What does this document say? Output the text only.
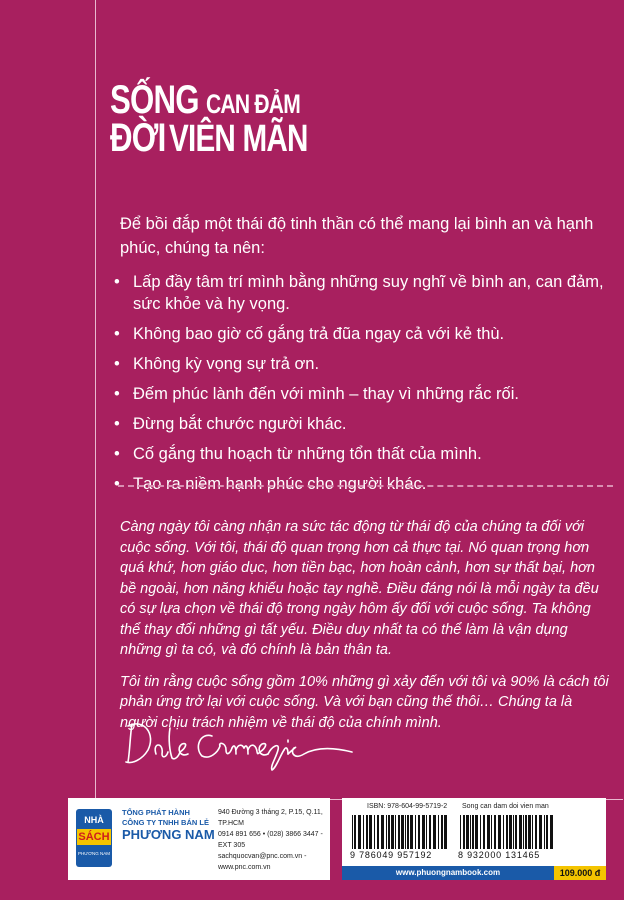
SỐNG CAN ĐẢM
ĐỜIVIÊN MÃN
Để bồi đắp một thái độ tinh thần có thể mang lại bình an và hạnh phúc, chúng ta nên:
• Lấp đầy tâm trí mình bằng những suy nghĩ về bình an, can đảm, sức khỏe và hy vọng.
• Không bao giờ cố gắng trả đũa ngay cả với kẻ thù.
• Không kỳ vọng sự trả ơn.
• Đếm phúc lành đến với mình – thay vì những rắc rối.
• Đừng bắt chước người khác.
• Cố gắng thu hoạch từ những tổn thất của mình.
• Tạo ra niềm hạnh phúc cho người khác.

Càng ngày tôi càng nhận ra sức tác động từ thái độ của chúng ta đối với cuộc sống. Với tôi, thái độ quan trọng hơn cả thực tại. Nó quan trọng hơn quá khứ, hơn giáo dục, hơn tiền bạc, hơn hoàn cảnh, hơn sự thất bại, hơn bề ngoài, hơn năng khiếu hoặc tay nghề. Điều đáng nói là mỗi ngày ta đều có sự lựa chọn về thái độ trong ngày hôm ấy đối với cuộc sống. Ta không thể thay đổi những gì tất yếu. Điều duy nhất ta có thể làm là vận dụng những gì ta có, và đó chính là bản thân ta.

Tôi tin rằng cuộc sống gồm 10% những gì xảy đến với tôi và 90% là cách tôi phản ứng trở lại với cuộc sống. Và với bạn cũng thế thôi… Chúng ta là người chịu trách nhiệm về thái độ của chính mình.

NHÀ
SÁCH
PHƯƠNG NAM
TỔNG PHÁT HÀNH
CÔNG TY TNHH BÁN LẺ
PHƯƠNG NAM
940 Đường 3 tháng 2, P.15, Q.11, TP.HCM
0914 891 656 • (028) 3866 3447 - EXT 305
sachquocvan@pnc.com.vn - www.pnc.com.vn
ISBN: 978-604-99-5719-2 Song can dam doi vien man
9 786049 957192	8 932000 131465
www.phuongnambook.com	109.000 đ
